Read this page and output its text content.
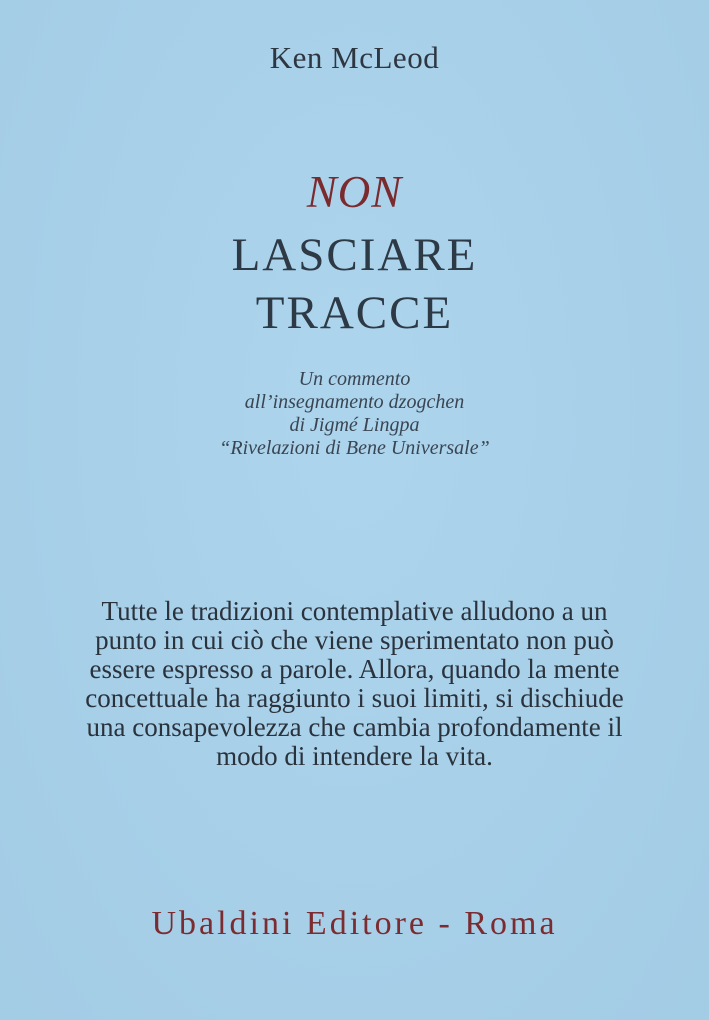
Ken McLeod
NON
LASCIARE
TRACCE
Un commento
all’insegnamento dzogchen
di Jigmé Lingpa
“Rivelazioni di Bene Universale”
Tutte le tradizioni contemplative alludono a un
punto in cui ciò che viene sperimentato non può
essere espresso a parole. Allora, quando la mente
concettuale ha raggiunto i suoi limiti, si dischiude
una consapevolezza che cambia profondamente il
modo di intendere la vita.
Ubaldini Editore - Roma
